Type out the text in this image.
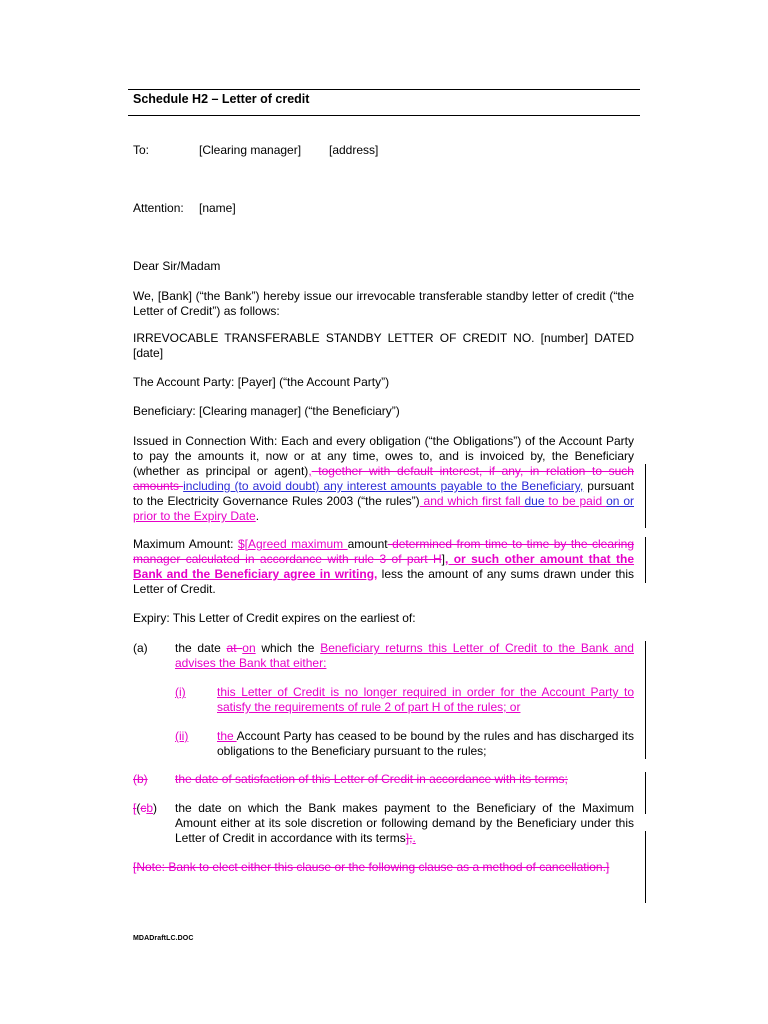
Schedule H2 – Letter of credit
To:	[Clearing manager] [address]
Attention: [name]
Dear Sir/Madam
We, [Bank] (“the Bank”) hereby issue our irrevocable transferable standby letter of credit (“the Letter of Credit”) as follows:
IRREVOCABLE TRANSFERABLE STANDBY LETTER OF CREDIT NO. [number] DATED [date]
The Account Party: [Payer] (“the Account Party”)
Beneficiary: [Clearing manager] (“the Beneficiary”)
Issued in Connection With: Each and every obligation (“the Obligations”) of the Account Party to pay the amounts it, now or at any time, owes to, and is invoiced by, the Beneficiary (whether as principal or agent), together with default interest, if any, in relation to such amounts including (to avoid doubt) any interest amounts payable to the Beneficiary, pursuant to the Electricity Governance Rules 2003 (“the rules”) and which first fall due to be paid on or prior to the Expiry Date.
Maximum Amount: $[Agreed maximum amount determined from time to time by the clearing manager calculated in accordance with rule 3 of part H], or such other amount that the Bank and the Beneficiary agree in writing, less the amount of any sums drawn under this Letter of Credit.
Expiry: This Letter of Credit expires on the earliest of:
(a) the date at on which the Beneficiary returns this Letter of Credit to the Bank and advises the Bank that either:
(i)	this Letter of Credit is no longer required in order for the Account Party to satisfy the requirements of rule 2 of part H of the rules; or
(ii) the Account Party has ceased to be bound by the rules and has discharged its obligations to the Beneficiary pursuant to the rules;
(b) the date of satisfaction of this Letter of Credit in accordance with its terms;
[(cb) the date on which the Bank makes payment to the Beneficiary of the Maximum Amount either at its sole discretion or following demand by the Beneficiary under this Letter of Credit in accordance with its terms];.
[Note: Bank to elect either this clause or the following clause as a method of cancellation.]
MDADraftLC.DOC
